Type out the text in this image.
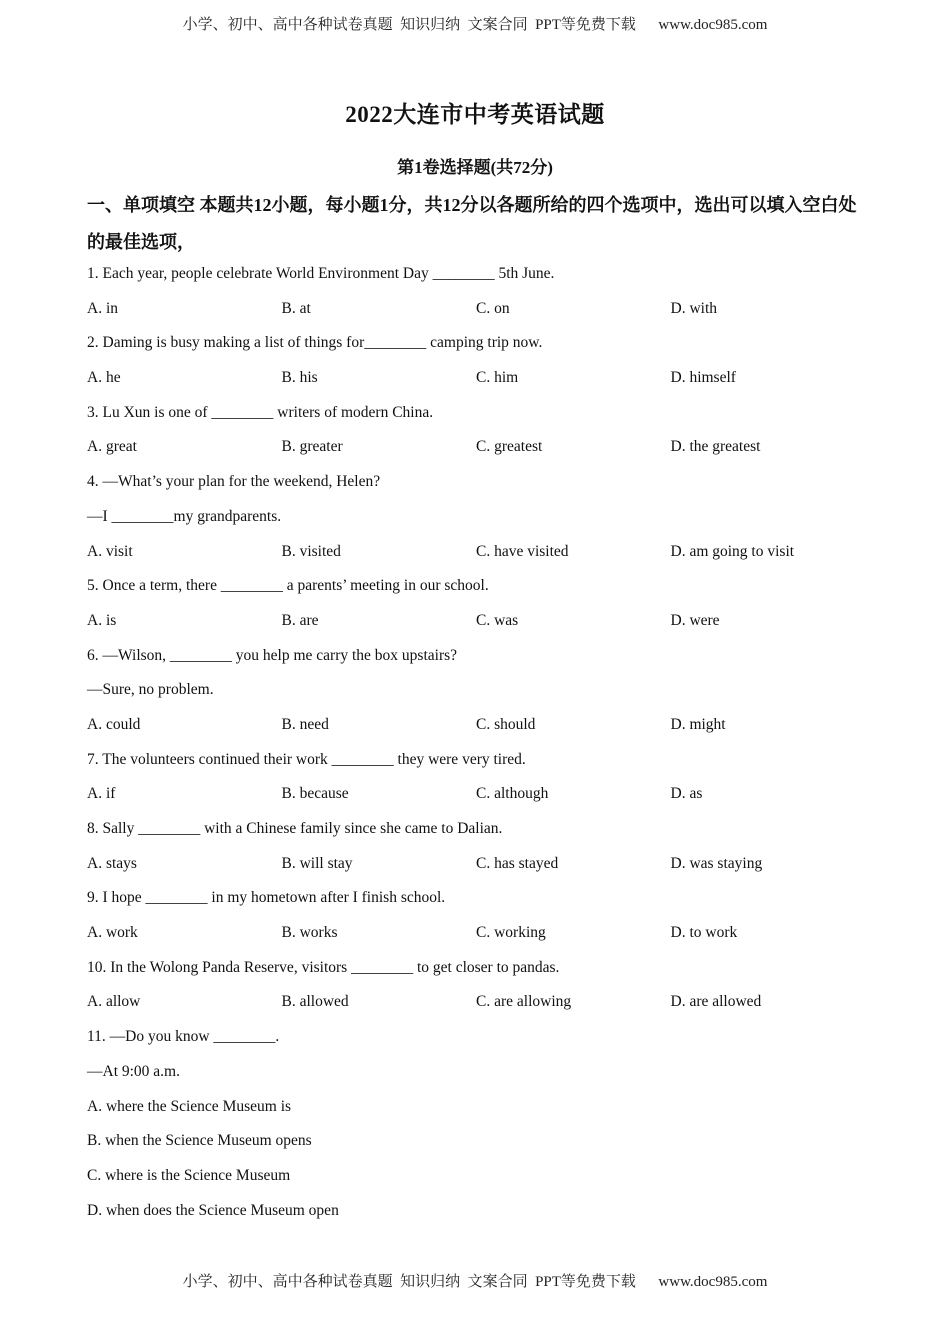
小学、初中、高中各种试卷真题  知识归纳  文案合同  PPT等免费下载      www.doc985.com
2022大连市中考英语试题
第1卷选择题(共72分)
一、单项填空 本题共12小题，每小题1分，共12分以各题所给的四个选项中，选出可以填入空白处的最佳选项，
1. Each year, people celebrate World Environment Day ________ 5th June.
A. in	B. at	C. on	D. with
2. Daming is busy making a list of things for________ camping trip now.
A. he	B. his	C. him	D. himself
3. Lu Xun is one of ________ writers of modern China.
A. great	B. greater	C. greatest	D. the greatest
4. —What’s your plan for the weekend, Helen?
—I ________my grandparents.
A. visit	B. visited	C. have visited	D. am going to visit
5. Once a term, there ________ a parents’ meeting in our school.
A. is	B. are	C. was	D. were
6. —Wilson, ________ you help me carry the box upstairs?
—Sure, no problem.
A. could	B. need	C. should	D. might
7. The volunteers continued their work ________ they were very tired.
A. if	B. because	C. although	D. as
8. Sally ________ with a Chinese family since she came to Dalian.
A. stays	B. will stay	C. has stayed	D. was staying
9. I hope ________ in my hometown after I finish school.
A. work	B. works	C. working	D. to work
10. In the Wolong Panda Reserve, visitors ________ to get closer to pandas.
A. allow	B. allowed	C. are allowing	D. are allowed
11. —Do you know ________.
—At 9:00 a.m.
A. where the Science Museum is
B. when the Science Museum opens
C. where is the Science Museum
D. when does the Science Museum open
小学、初中、高中各种试卷真题  知识归纳  文案合同  PPT等免费下载      www.doc985.com
